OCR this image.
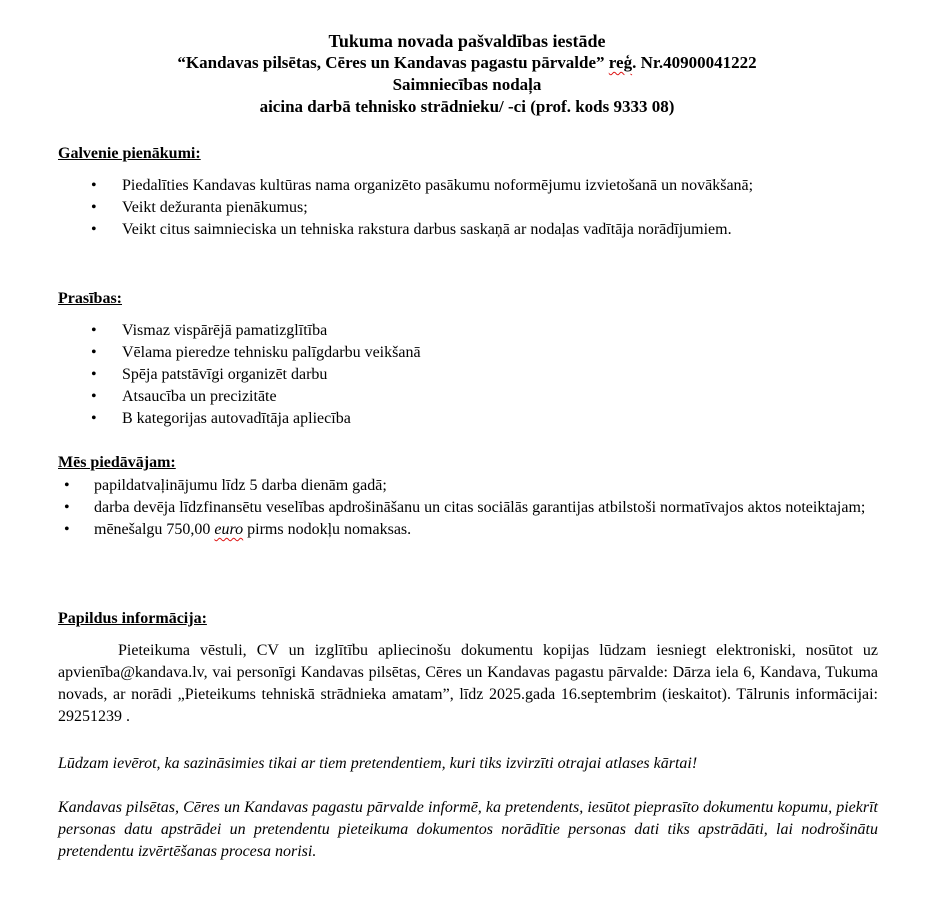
Tukuma novada pašvaldības iestāde
“Kandavas pilsētas, Cēres un Kandavas pagastu pārvalde” reģ. Nr.40900041222
Saimniecības nodaļa
aicina darbā tehnisko strādnieku/ -ci (prof. kods 9333 08)
Galvenie pienākumi:
• Piedalīties Kandavas kultūras nama organizēto pasākumu noformējumu izvietošanā un novākšanā;
• Veikt dežuranta pienākumus;
• Veikt citus saimnieciska un tehniska rakstura darbus saskaņā ar nodaļas vadītāja norādījumiem.
Prasības:
• Vismaz vispārējā pamatizglītība
• Vēlama pieredze tehnisku palīgdarbu veikšanā
• Spēja patstāvīgi organizēt darbu
• Atsaucība un precizitāte
• B kategorijas autovadītāja apliecība
Mēs piedāvājam:
• papildatvaļinājumu līdz 5 darba dienām gadā;
• darba devēja līdzfinansētu veselības apdrošināšanu un citas sociālās garantijas atbilstoši normatīvajos aktos noteiktajam;
• mēnešalgu 750,00 euro pirms nodokļu nomaksas.
Papildus informācija:
Pieteikuma vēstuli, CV un izglītību apliecinošu dokumentu kopijas lūdzam iesniegt elektroniski, nosūtot uz apvienība@kandava.lv, vai personīgi Kandavas pilsētas, Cēres un Kandavas pagastu pārvalde: Dārza iela 6, Kandava, Tukuma novads, ar norādi „Pieteikums tehniskā strādnieka amatam”, līdz 2025.gada 16.septembrim (ieskaitot). Tālrunis informācijai: 29251239 .
Lūdzam ievērot, ka sazināsimies tikai ar tiem pretendentiem, kuri tiks izvirzīti otrajai atlases kārtai!
Kandavas pilsētas, Cēres un Kandavas pagastu pārvalde informē, ka pretendents, iesūtot pieprasīto dokumentu kopumu, piekrīt personas datu apstrādei un pretendentu pieteikuma dokumentos norādītie personas dati tiks apstrādāti, lai nodrošinātu pretendentu izvērtēšanas procesa norisi.
